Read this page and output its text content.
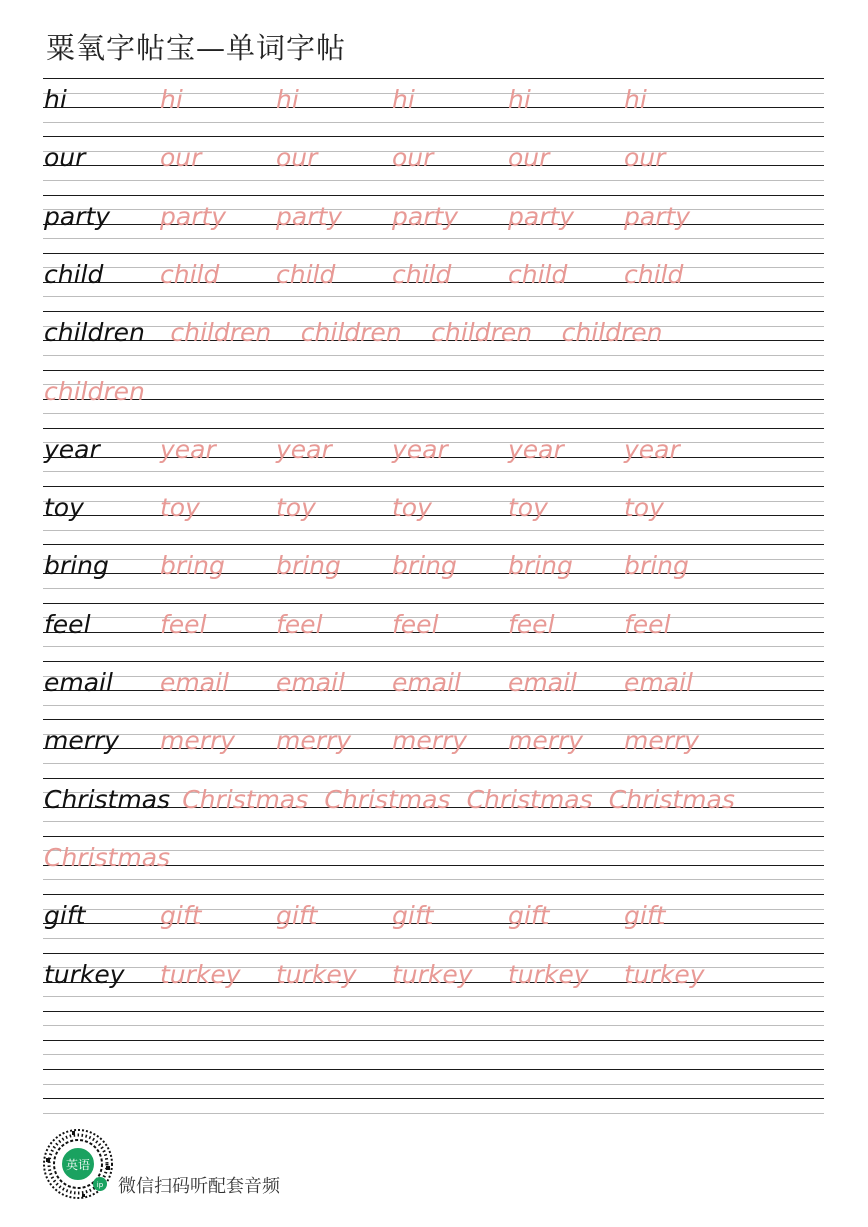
粟氧字帖宝—单词字帖
hi	hi	hi	hi	hi	hi
our	our	our	our	our	our
party party party party party party
child child child child child child
children children children children children
children
year year year year year year
toy	toy	toy	toy	toy	toy
bring bring bring bring bring bring
feel	feel	feel	feel	feel	feel
email email email email email email
merry merry merry merry merry merry
Christmas Christmas Christmas Christmas Christmas
Christmas
gift	gift	gift	gift	gift	gift
turkey turkey turkey turkey turkey turkey
英语
ip 微信扫码听配套音频
